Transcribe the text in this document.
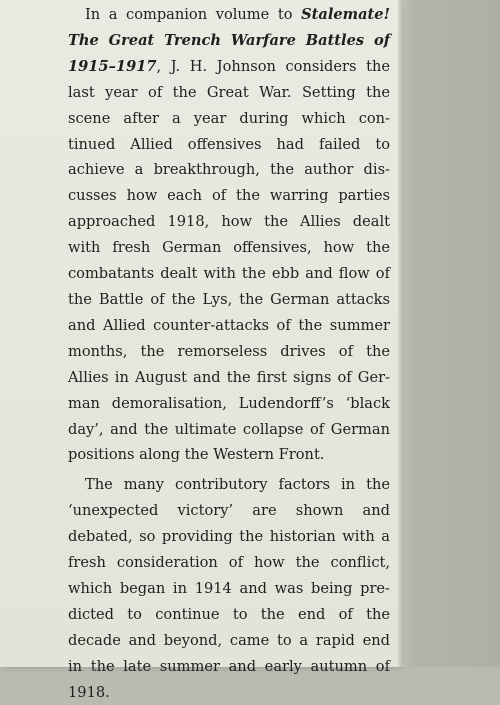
In a companion volume to Stalemate!
The Great Trench Warfare Battles of
1915–1917, J. H. Johnson considers the
last year of the Great War. Setting the
scene after a year during which con-
tinued Allied offensives had failed to
achieve a breakthrough, the author dis-
cusses how each of the warring parties
approached 1918, how the Allies dealt
with fresh German offensives, how the
combatants dealt with the ebb and flow of
the Battle of the Lys, the German attacks
and Allied counter-attacks of the summer
months, the remorseless drives of the
Allies in August and the first signs of Ger-
man demoralisation, Ludendorff’s ‘black
day’, and the ultimate collapse of German
positions along the Western Front.
The many contributory factors in the
‘unexpected victory’ are shown and
debated, so providing the historian with a
fresh consideration of how the conflict,
which began in 1914 and was being pre-
dicted to continue to the end of the
decade and beyond, came to a rapid end
in the late summer and early autumn of
1918.
